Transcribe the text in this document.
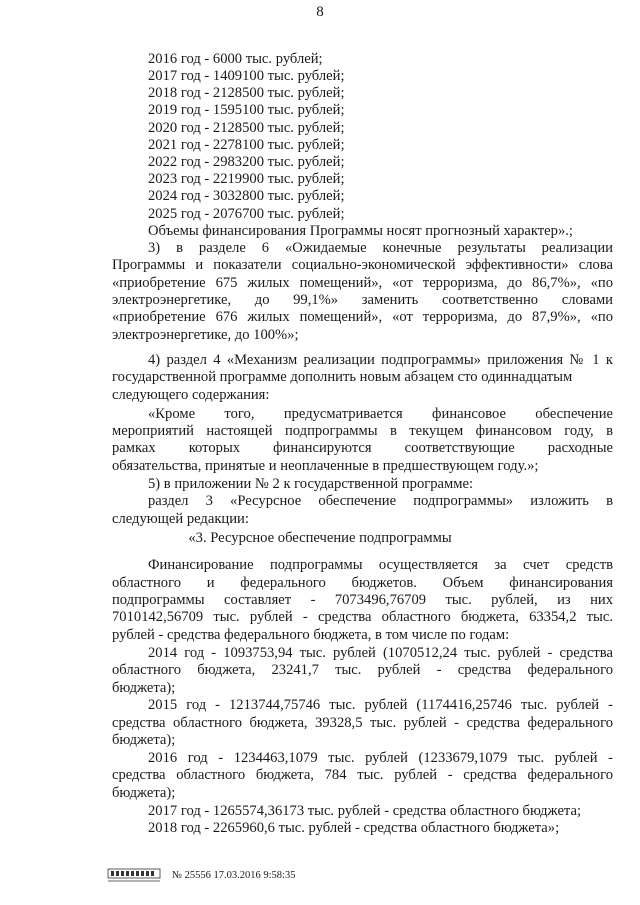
8
2016 год - 6000 тыс. рублей;
2017 год - 1409100 тыс. рублей;
2018 год - 2128500 тыс. рублей;
2019 год - 1595100 тыс. рублей;
2020 год - 2128500 тыс. рублей;
2021 год - 2278100 тыс. рублей;
2022 год - 2983200 тыс. рублей;
2023 год - 2219900 тыс. рублей;
2024 год - 3032800 тыс. рублей;
2025 год - 2076700 тыс. рублей;
Объемы финансирования Программы носят прогнозный характер».;
3) в разделе 6 «Ожидаемые конечные результаты реализации
Программы и показатели социально-экономической эффективности» слова
«приобретение 675 жилых помещений», «от терроризма, до 86,7%», «по
электроэнергетике, до 99,1%» заменить соответственно словами
«приобретение 676 жилых помещений», «от терроризма, до 87,9%», «по
электроэнергетике, до 100%»;
4) раздел 4 «Механизм реализации подпрограммы» приложения № 1 к
государственной программе дополнить новым абзацем сто одиннадцатым
следующего содержания:
«Кроме того, предусматривается финансовое обеспечение
мероприятий настоящей подпрограммы в текущем финансовом году, в
рамках которых финансируются соответствующие расходные
обязательства, принятые и неоплаченные в предшествующем году.»;
5) в приложении № 2 к государственной программе:
раздел 3 «Ресурсное обеспечение подпрограммы» изложить в
следующей редакции:
«3. Ресурсное обеспечение подпрограммы
Финансирование подпрограммы осуществляется за счет средств
областного и федерального бюджетов. Объем финансирования
подпрограммы составляет - 7073496,76709 тыс. рублей, из них
7010142,56709 тыс. рублей - средства областного бюджета, 63354,2 тыс.
рублей - средства федерального бюджета, в том числе по годам:
2014 год - 1093753,94 тыс. рублей (1070512,24 тыс. рублей - средства
областного бюджета, 23241,7 тыс. рублей - средства федерального
бюджета);
2015 год - 1213744,75746 тыс. рублей (1174416,25746 тыс. рублей -
средства областного бюджета, 39328,5 тыс. рублей - средства федерального
бюджета);
2016 год - 1234463,1079 тыс. рублей (1233679,1079 тыс. рублей -
средства областного бюджета, 784 тыс. рублей - средства федерального
бюджета);
2017 год - 1265574,36173 тыс. рублей - средства областного бюджета;
2018 год - 2265960,6 тыс. рублей - средства областного бюджета»;
№ 25556 17.03.2016 9:58:35
